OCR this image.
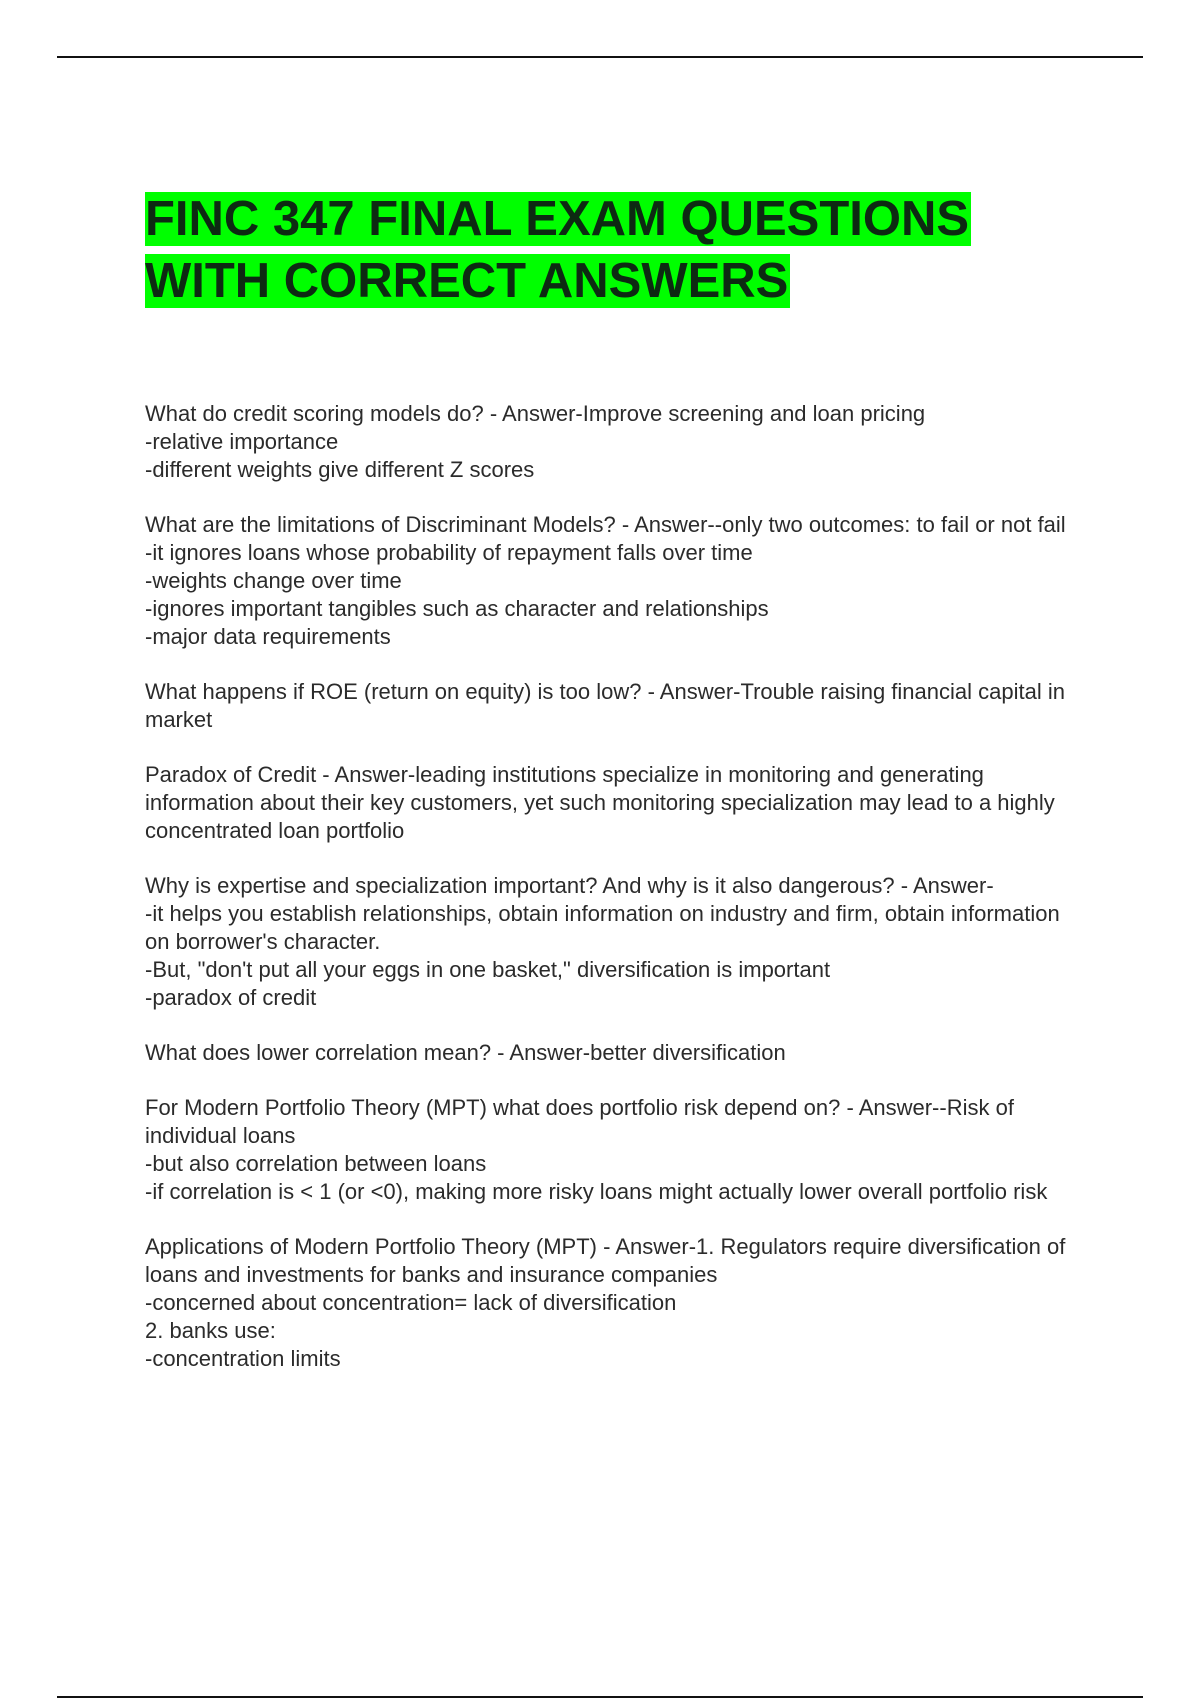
FINC 347 FINAL EXAM QUESTIONS
WITH CORRECT ANSWERS

What do credit scoring models do? - Answer-Improve screening and loan pricing
-relative importance
-different weights give different Z scores

What are the limitations of Discriminant Models? - Answer--only two outcomes: to fail or not fail
-it ignores loans whose probability of repayment falls over time
-weights change over time
-ignores important tangibles such as character and relationships
-major data requirements

What happens if ROE (return on equity) is too low? - Answer-Trouble raising financial capital in market

Paradox of Credit - Answer-leading institutions specialize in monitoring and generating information about their key customers, yet such monitoring specialization may lead to a highly concentrated loan portfolio

Why is expertise and specialization important? And why is it also dangerous? - Answer-
-it helps you establish relationships, obtain information on industry and firm, obtain information on borrower's character.
-But, "don't put all your eggs in one basket," diversification is important
-paradox of credit

What does lower correlation mean? - Answer-better diversification

For Modern Portfolio Theory (MPT) what does portfolio risk depend on? - Answer--Risk of individual loans
-but also correlation between loans
-if correlation is < 1 (or <0), making more risky loans might actually lower overall portfolio risk

Applications of Modern Portfolio Theory (MPT) - Answer-1. Regulators require diversification of loans and investments for banks and insurance companies
-concerned about concentration= lack of diversification
2. banks use:
-concentration limits
